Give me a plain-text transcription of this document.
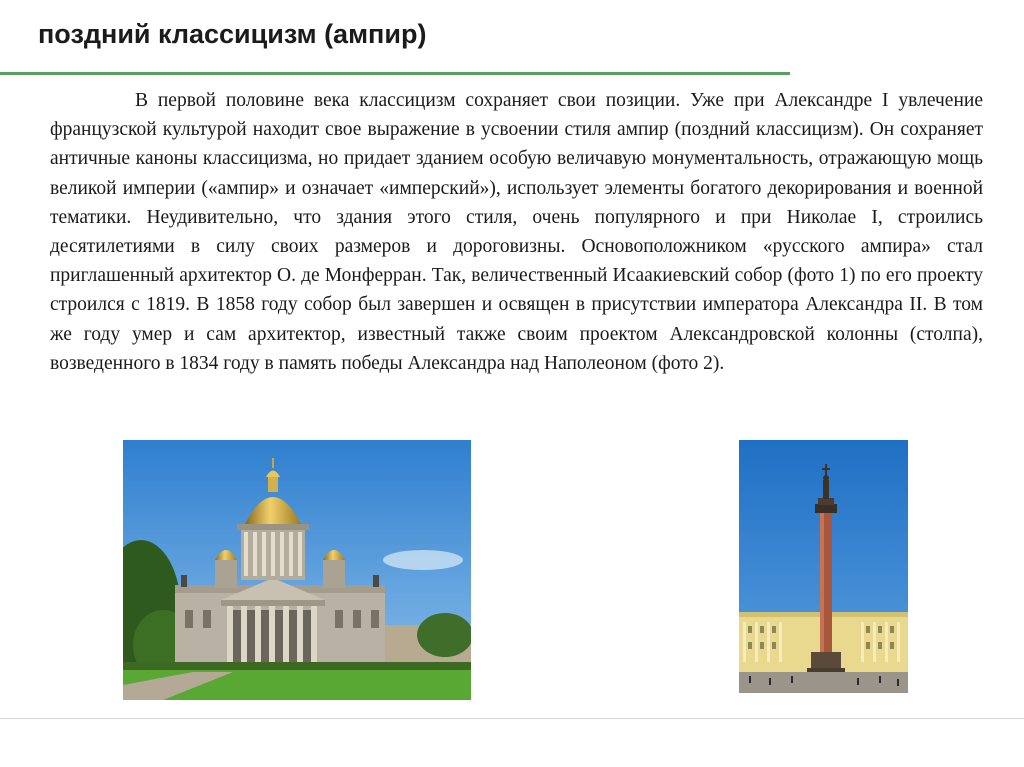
поздний классицизм (ампир)

В первой половине века классицизм сохраняет свои позиции. Уже при Александре I увлечение французской культурой находит свое выражение в усвоении стиля ампир (поздний классицизм). Он сохраняет античные каноны классицизма, но придает зданием особую величавую монументальность, отражающую мощь великой империи («ампир» и означает «имперский»), использует элементы богатого декорирования и военной тематики. Неудивительно, что здания этого стиля, очень популярного и при Николае I, строились десятилетиями в силу своих размеров и дороговизны. Основоположником «русского ампира» стал приглашенный архитектор О. де Монферран. Так, величественный Исаакиевский собор (фото 1) по его проекту строился с 1819. В 1858 году собор был завершен и освящен в присутствии императора Александра II. В том же году умер и сам архитектор, известный также своим проектом Александровской колонны (столпа), возведенного в 1834 году в память победы Александра над Наполеоном (фото 2).
